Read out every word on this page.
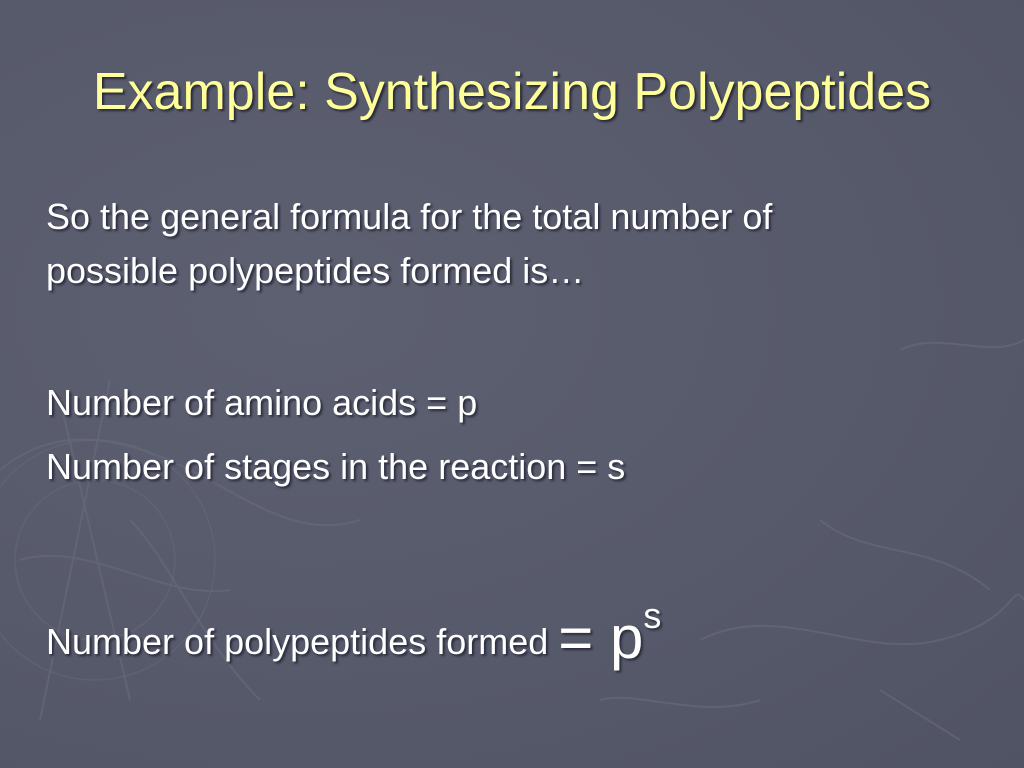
Example: Synthesizing Polypeptides
So the general formula for the total number of
possible polypeptides formed is…
Number of amino acids = p
Number of stages in the reaction = s
Number of polypeptides formed = ps
